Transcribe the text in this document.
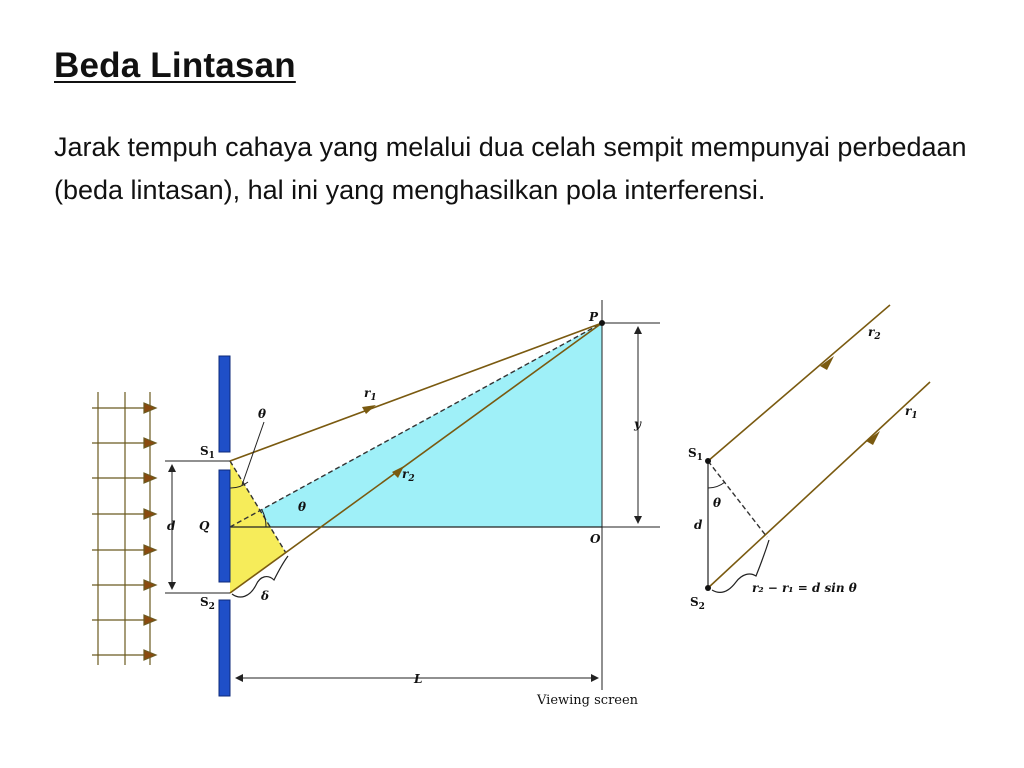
Beda Lintasan

Jarak tempuh cahaya yang melalui dua celah sempit mempunyai perbedaan (beda lintasan), hal ini yang menghasilkan pola interferensi.

P
$S_1$
$S_2$
Q
O
d
y
L
θ
θ
δ
$r_1$
$r_2$
Viewing screen
$S_1$
$S_2$
d
θ
$r_2$
$r_1$
r₂ − r₁ = d sin θ
